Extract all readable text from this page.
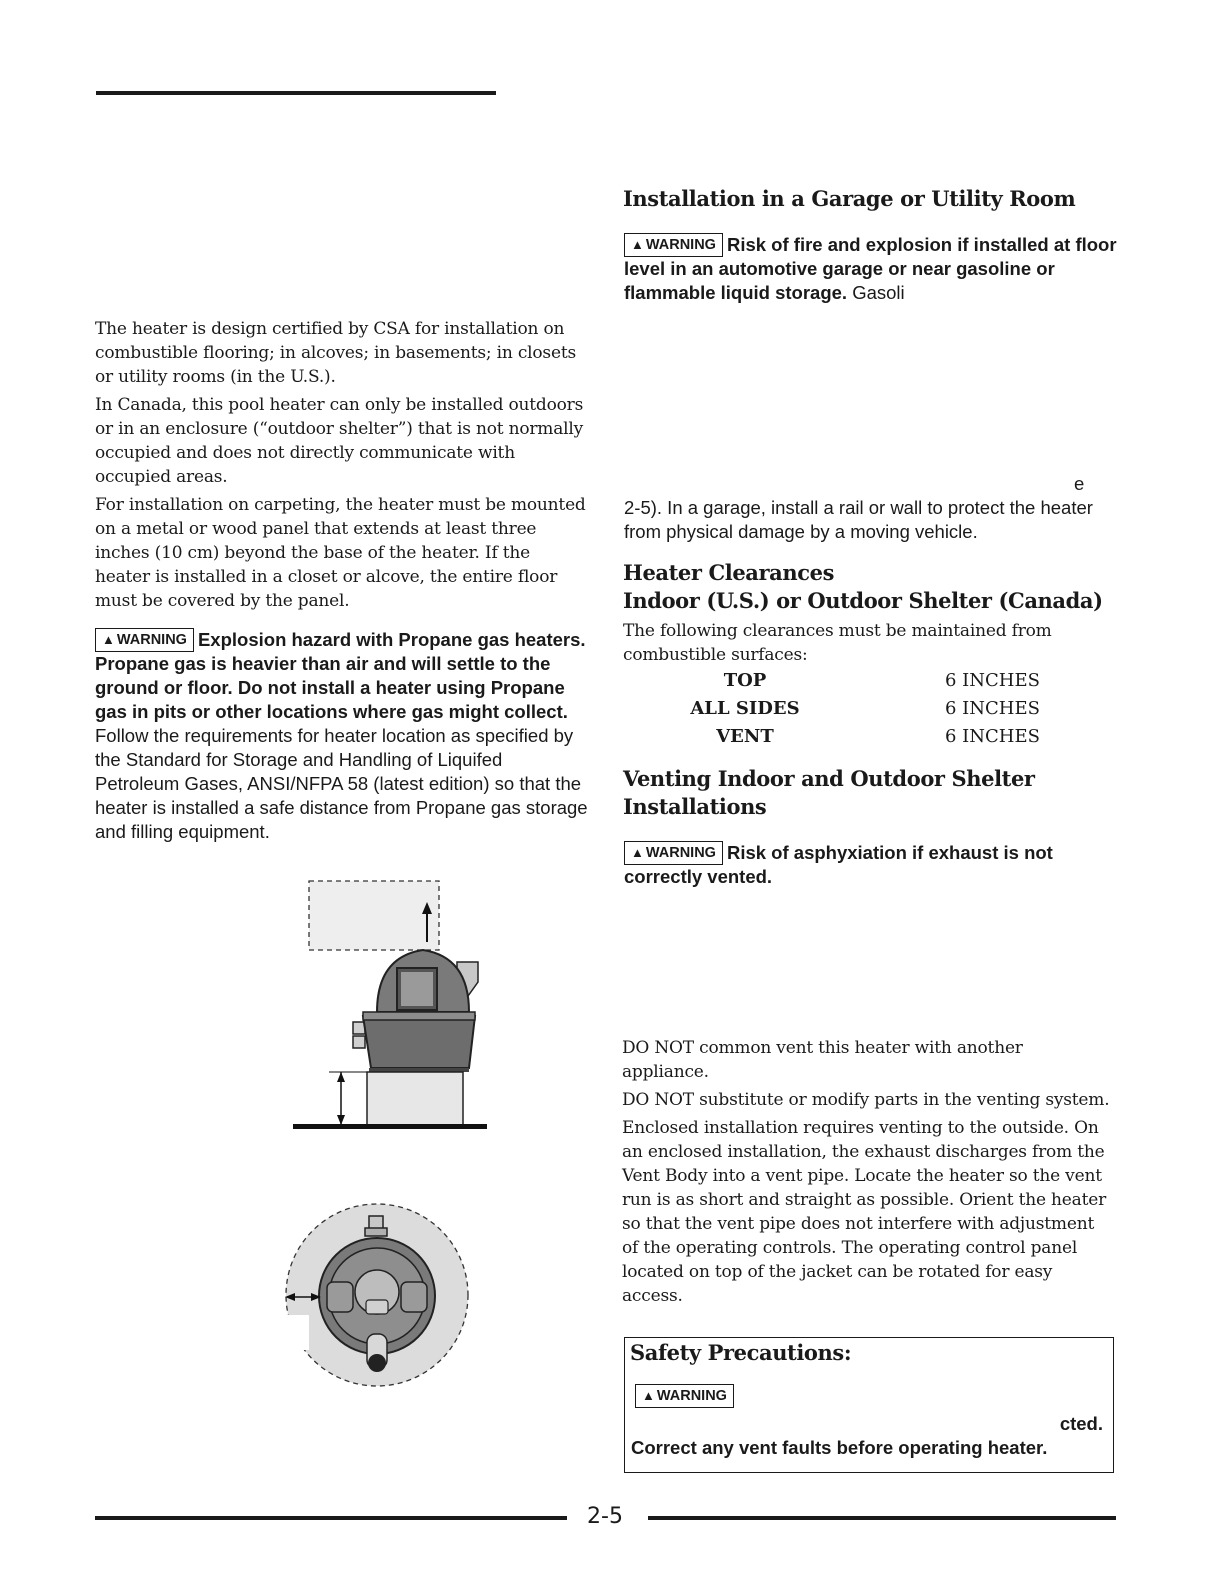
The heater is design certified by CSA for installation on combustible flooring; in alcoves; in basements; in closets or utility rooms (in the U.S.).

In Canada, this pool heater can only be installed outdoors or in an enclosure (“outdoor shelter”) that is not normally occupied and does not directly communicate with occupied areas.

For installation on carpeting, the heater must be mounted on a metal or wood panel that extends at least three inches (10 cm) beyond the base of the heater. If the heater is installed in a closet or alcove, the entire floor must be covered by the panel.

▲ WARNING Explosion hazard with Propane gas heaters. Propane gas is heavier than air and will settle to the ground or floor. Do not install a heater using Propane gas in pits or other locations where gas might collect. Follow the requirements for heater location as specified by the Standard for Storage and Handling of Liquifed Petroleum Gases, ANSI/NFPA 58 (latest edition) so that the heater is installed a safe distance from Propane gas storage and filling equipment.
Installation in a Garage or Utility Room
▲ WARNING Risk of fire and explosion if installed at floor level in an automotive garage or near gasoline or flammable liquid storage. Gasoli
e
2-5). In a garage, install a rail or wall to protect the heater from physical damage by a moving vehicle.
Heater Clearances
Indoor (U.S.) or Outdoor Shelter (Canada)
The following clearances must be maintained from combustible surfaces:
TOP	6 INCHES
ALL SIDES	6 INCHES
VENT	6 INCHES
Venting Indoor and Outdoor Shelter
Installations
▲ WARNING Risk of asphyxiation if exhaust is not correctly vented.

DO NOT common vent this heater with another appliance.

DO NOT substitute or modify parts in the venting system.

Enclosed installation requires venting to the outside. On an enclosed installation, the exhaust discharges from the Vent Body into a vent pipe. Locate the heater so the vent run is as short and straight as possible. Orient the heater so that the vent pipe does not interfere with adjustment of the operating controls. The operating control panel located on top of the jacket can be rotated for easy access.

Safety Precautions:
▲ WARNING
cted.
Correct any vent faults before operating heater.
2-5
